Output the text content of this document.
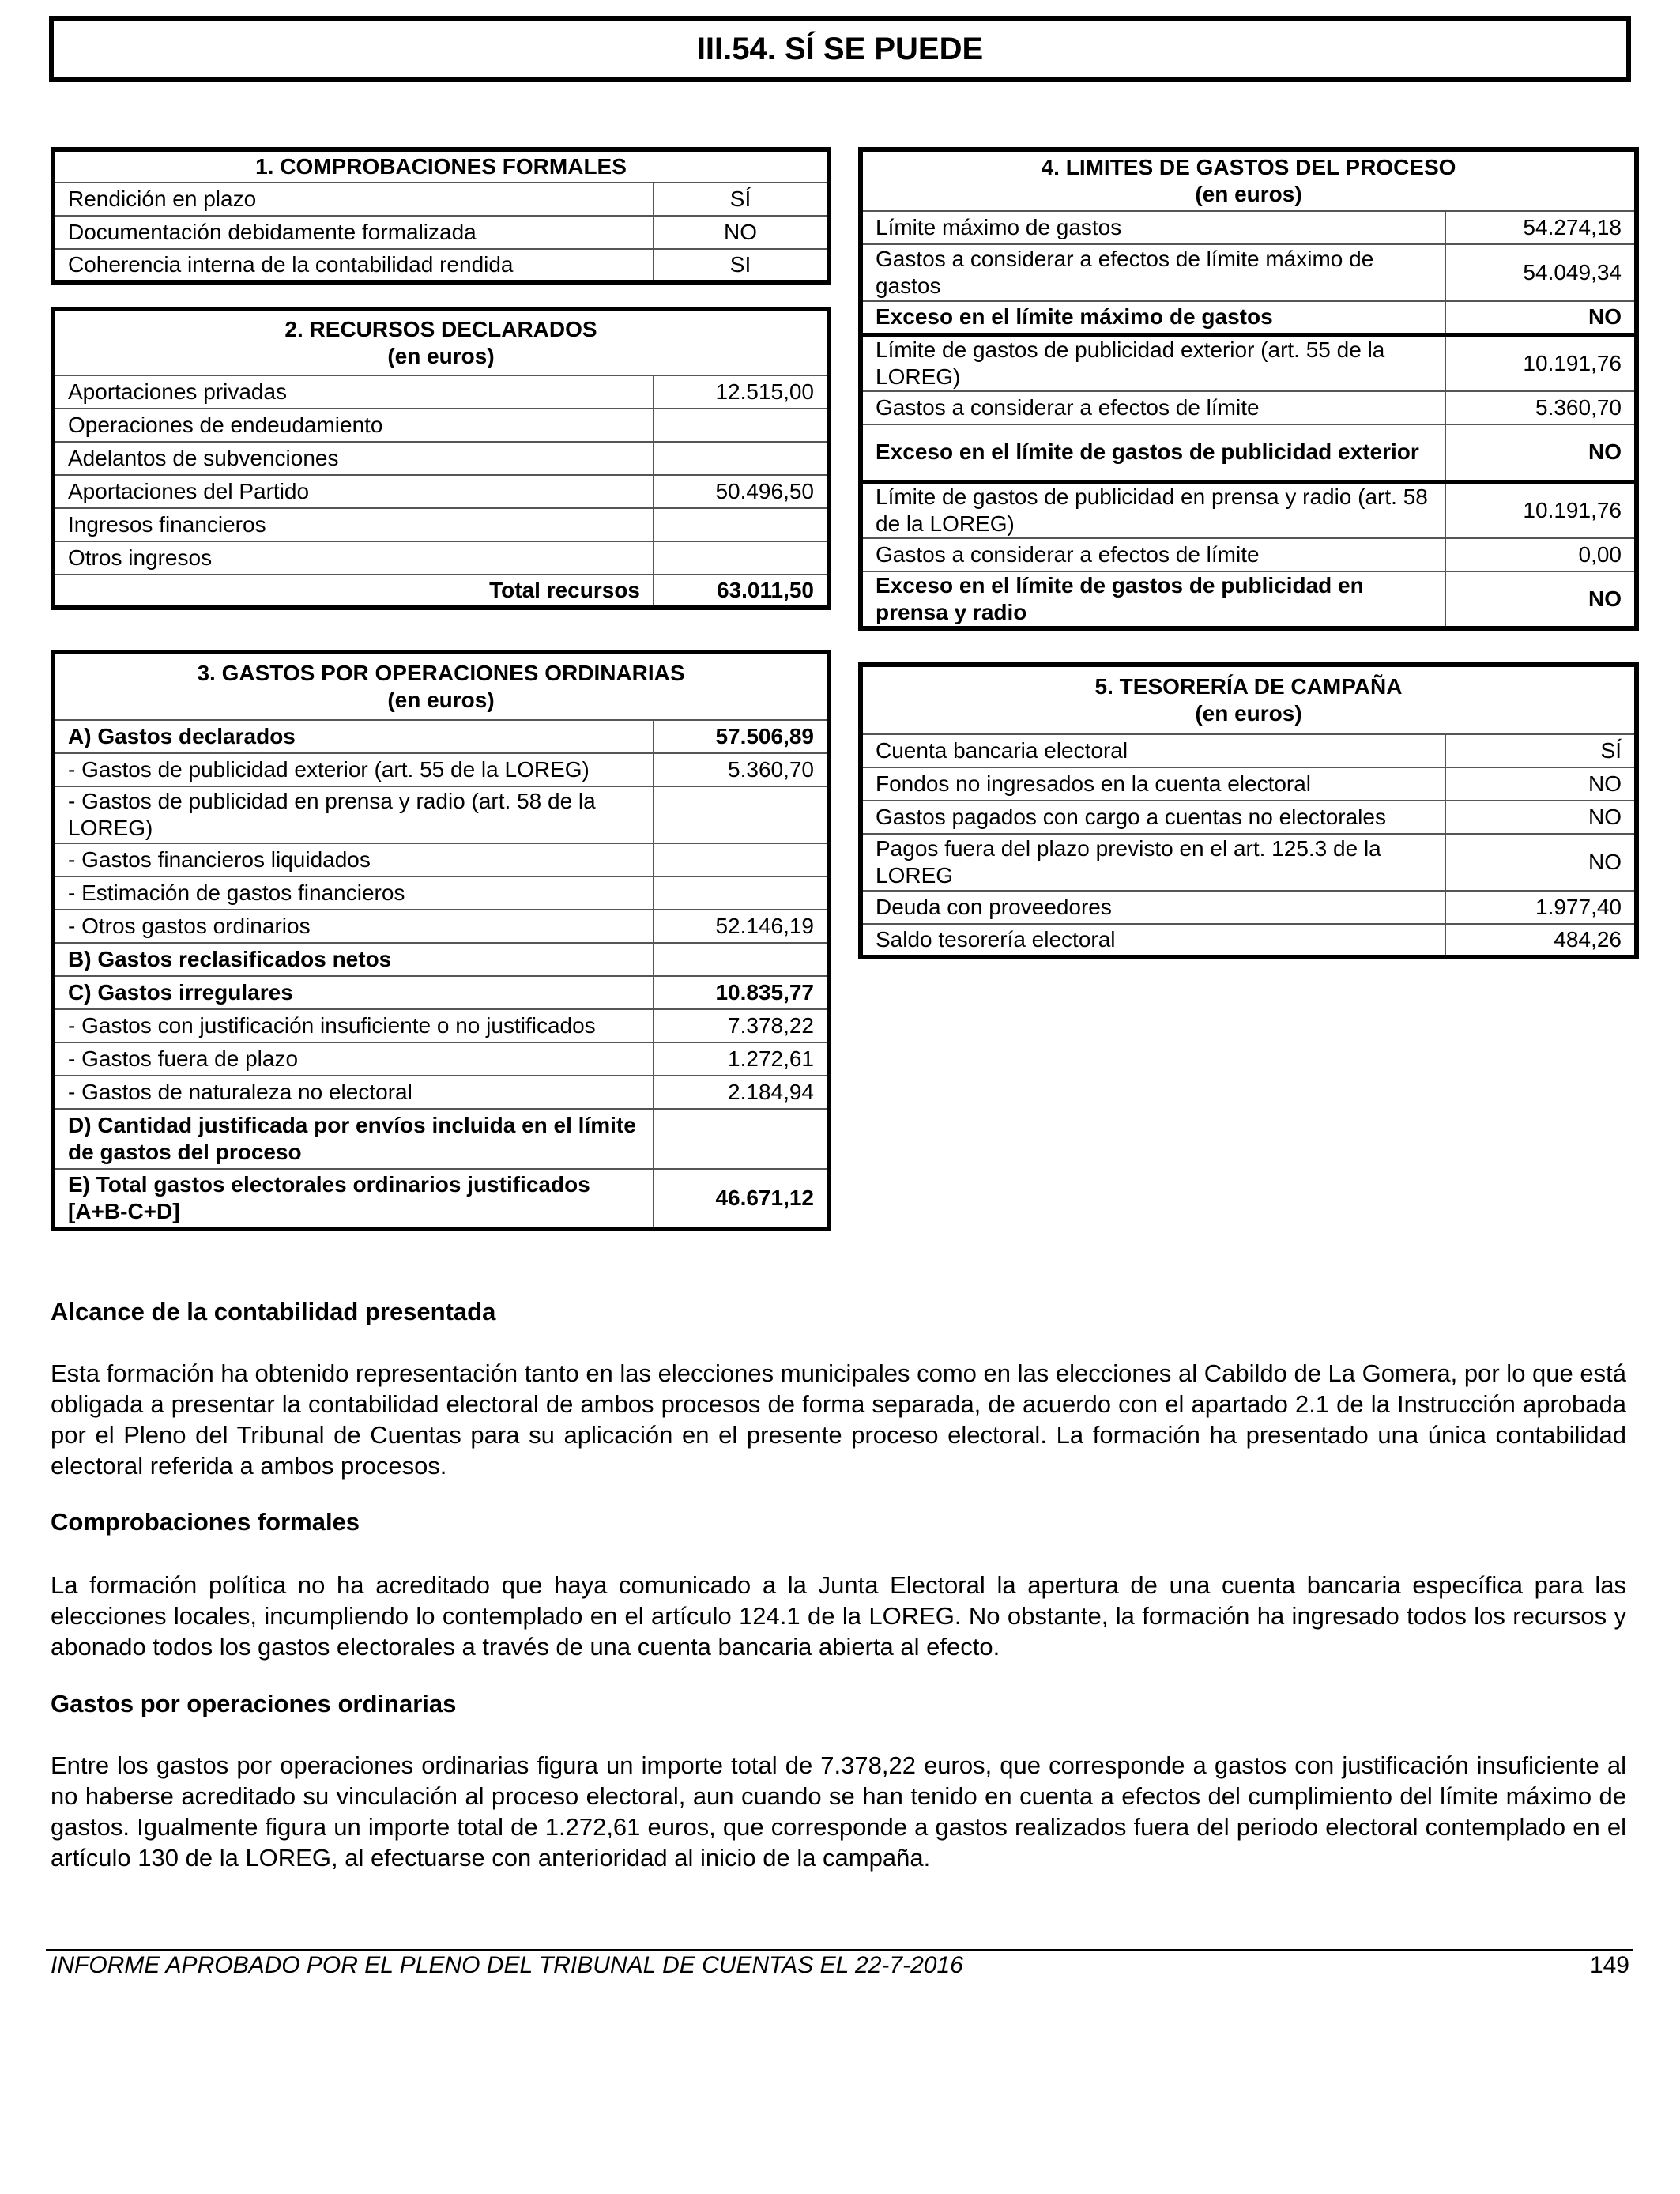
III.54. SÍ SE PUEDE
1. COMPROBACIONES FORMALES	
Rendición en plazo	SÍ
Documentación debidamente formalizada	NO
Coherencia interna de la contabilidad rendida	SI
2. RECURSOS DECLARADOS
(en euros)	

Aportaciones privadas	12.515,00
Operaciones de endeudamiento	
Adelantos de subvenciones	
Aportaciones del Partido	50.496,50
Ingresos financieros	
Otros ingresos	
Total recursos	63.011,50
3. GASTOS POR OPERACIONES ORDINARIAS
(en euros)	

A) Gastos declarados	57.506,89
- Gastos de publicidad exterior (art. 55 de la LOREG)	5.360,70
- Gastos de publicidad en prensa y radio (art. 58 de la LOREG)	
- Gastos financieros liquidados	
- Estimación de gastos financieros	
- Otros gastos ordinarios	52.146,19
B) Gastos reclasificados netos	
C) Gastos irregulares	10.835,77
- Gastos con justificación insuficiente o no justificados	7.378,22
- Gastos fuera de plazo	1.272,61
- Gastos de naturaleza no electoral	2.184,94
D) Cantidad justificada por envíos incluida en el límite de gastos del proceso	
E) Total gastos electorales ordinarios justificados [A+B-C+D]	46.671,12
4. LIMITES DE GASTOS DEL PROCESO
(en euros)	

Límite máximo de gastos	54.274,18
Gastos a considerar a efectos de límite máximo de gastos	54.049,34
Exceso en el límite máximo de gastos	NO
Límite de gastos de publicidad exterior (art. 55 de la LOREG)	10.191,76
Gastos a considerar a efectos de límite	5.360,70
Exceso en el límite de gastos de publicidad exterior	NO
Límite de gastos de publicidad en prensa y radio (art. 58 de la LOREG)	10.191,76
Gastos a considerar a efectos de límite	0,00
Exceso en el límite de gastos de publicidad en prensa y radio	NO
5. TESORERÍA DE CAMPAÑA
(en euros)	

Cuenta bancaria electoral	SÍ
Fondos no ingresados en la cuenta electoral	NO
Gastos pagados con cargo a cuentas no electorales	NO
Pagos fuera del plazo previsto en el art. 125.3 de la LOREG	NO
Deuda con proveedores	1.977,40
Saldo tesorería electoral	484,26
Alcance de la contabilidad presentada
Esta formación ha obtenido representación tanto en las elecciones municipales como en las elecciones al Cabildo de La Gomera, por lo que está obligada a presentar la contabilidad electoral de ambos procesos de forma separada, de acuerdo con el apartado 2.1 de la Instrucción aprobada por el Pleno del Tribunal de Cuentas para su aplicación en el presente proceso electoral. La formación ha presentado una única contabilidad electoral referida a ambos procesos.
Comprobaciones formales
La formación política no ha acreditado que haya comunicado a la Junta Electoral la apertura de una cuenta bancaria específica para las elecciones locales, incumpliendo lo contemplado en el artículo 124.1 de la LOREG. No obstante, la formación ha ingresado todos los recursos y abonado todos los gastos electorales a través de una cuenta bancaria abierta al efecto.
Gastos por operaciones ordinarias
Entre los gastos por operaciones ordinarias figura un importe total de 7.378,22 euros, que corresponde a gastos con justificación insuficiente al no haberse acreditado su vinculación al proceso electoral, aun cuando se han tenido en cuenta a efectos del cumplimiento del límite máximo de gastos. Igualmente figura un importe total de 1.272,61 euros, que corresponde a gastos realizados fuera del periodo electoral contemplado en el artículo 130 de la LOREG, al efectuarse con anterioridad al inicio de la campaña.
INFORME APROBADO POR EL PLENO DEL TRIBUNAL DE CUENTAS EL 22-7-2016	149
